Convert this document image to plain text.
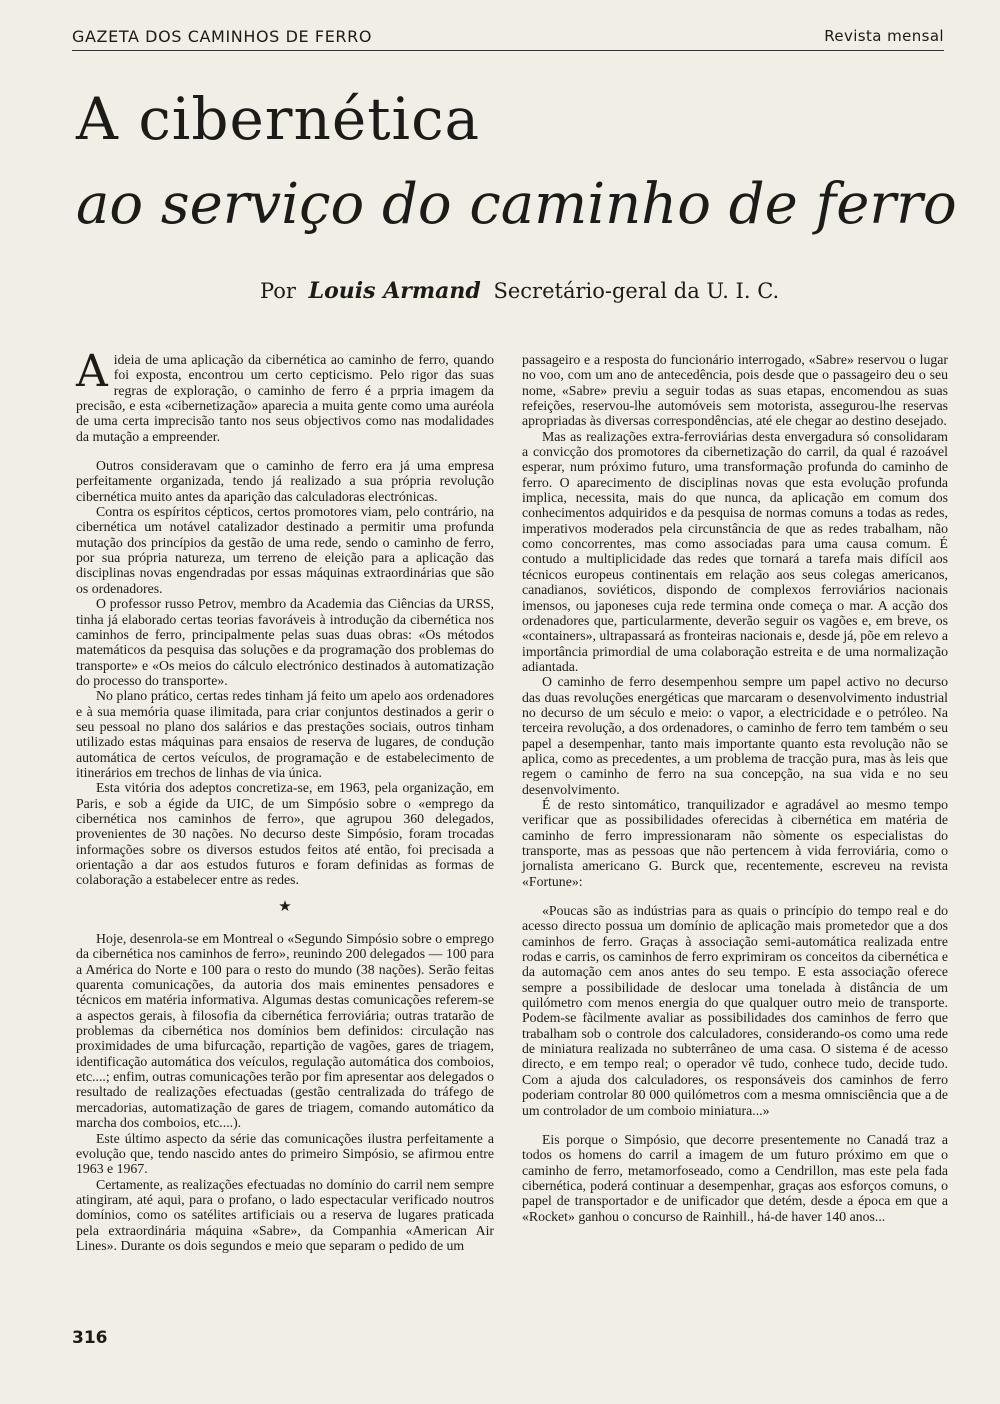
GAZETA DOS CAMINHOS DE FERRO	Revista mensal
A cibernética
ao serviço do caminho de ferro
Por Louis Armand Secretário-geral da U. I. C.

Aideia de uma aplicação da cibernética ao caminho de ferro, quando foi exposta, encontrou um certo cepticismo. Pelo rigor das suas regras de exploração, o caminho de ferro é a prpria imagem da precisão, e esta «cibernetização» aparecia a muita gente como uma auréola de uma certa imprecisão tanto nos seus objectivos como nas modalidades da mutação a empreender.

Outros consideravam que o caminho de ferro era já uma empresa perfeitamente organizada, tendo já realizado a sua própria revolução cibernética muito antes da aparição das calculadoras electrónicas.

Contra os espíritos cépticos, certos promotores viam, pelo contrário, na cibernética um notável catalizador destinado a permitir uma profunda mutação dos princípios da gestão de uma rede, sendo o caminho de ferro, por sua própria natureza, um terreno de eleição para a aplicação das disciplinas novas engendradas por essas máquinas extraordinárias que são os ordenadores.

O professor russo Petrov, membro da Academia das Ciências da URSS, tinha já elaborado certas teorias favoráveis à introdução da cibernética nos caminhos de ferro, principalmente pelas suas duas obras: «Os métodos matemáticos da pesquisa das soluções e da programação dos problemas do transporte» e «Os meios do cálculo electrónico destinados à automatização do processo do transporte».

No plano prático, certas redes tinham já feito um apelo aos ordenadores e à sua memória quase ilimitada, para criar conjuntos destinados a gerir o seu pessoal no plano dos salários e das prestações sociais, outros tinham utilizado estas máquinas para ensaios de reserva de lugares, de condução automática de certos veículos, de programação e de estabelecimento de itinerários em trechos de linhas de via única.

Esta vitória dos adeptos concretiza-se, em 1963, pela organização, em Paris, e sob a égide da UIC, de um Simpósio sobre o «emprego da cibernética nos caminhos de ferro», que agrupou 360 delegados, provenientes de 30 nações. No decurso deste Simpósio, foram trocadas informações sobre os diversos estudos feitos até então, foi precisada a orientação a dar aos estudos futuros e foram definidas as formas de colaboração a estabelecer entre as redes.

★

Hoje, desenrola-se em Montreal o «Segundo Simpósio sobre o emprego da cibernética nos caminhos de ferro», reunindo 200 delegados — 100 para a América do Norte e 100 para o resto do mundo (38 nações). Serão feitas quarenta comunicações, da autoria dos mais eminentes pensadores e técnicos em matéria informativa. Algumas destas comunicações referem-se a aspectos gerais, à filosofia da cibernética ferroviária; outras tratarão de problemas da cibernética nos domínios bem definidos: circulação nas proximidades de uma bifurcação, repartição de vagões, gares de triagem, identificação automática dos veículos, regulação automática dos comboios, etc....; enfim, outras comunicações terão por fim apresentar aos delegados o resultado de realizações efectuadas (gestão centralizada do tráfego de mercadorias, automatização de gares de triagem, comando automático da marcha dos comboios, etc....).

Este último aspecto da série das comunicações ilustra perfeitamente a evolução que, tendo nascido antes do primeiro Simpósio, se afirmou entre 1963 e 1967.

Certamente, as realizações efectuadas no domínio do carril nem sempre atingiram, até aqui, para o profano, o lado espectacular verificado noutros domínios, como os satélites artificiais ou a reserva de lugares praticada pela extraordinária máquina «Sabre», da Companhia «American Air Lines». Durante os dois segundos e meio que separam o pedido de um

passageiro e a resposta do funcionário interrogado, «Sabre» reservou o lugar no voo, com um ano de antecedência, pois desde que o passageiro deu o seu nome, «Sabre» previu a seguir todas as suas etapas, encomendou as suas refeições, reservou-lhe automóveis sem motorista, assegurou-lhe reservas apropriadas às diversas correspondências, até ele chegar ao destino desejado.

Mas as realizações extra-ferroviárias desta envergadura só consolidaram a convicção dos promotores da cibernetização do carril, da qual é razoável esperar, num próximo futuro, uma transformação profunda do caminho de ferro. O aparecimento de disciplinas novas que esta evolução profunda implica, necessita, mais do que nunca, da aplicação em comum dos conhecimentos adquiridos e da pesquisa de normas comuns a todas as redes, imperativos moderados pela circunstância de que as redes trabalham, não como concorrentes, mas como associadas para uma causa comum. É contudo a multiplicidade das redes que tornará a tarefa mais difícil aos técnicos europeus continentais em relação aos seus colegas americanos, canadianos, soviéticos, dispondo de complexos ferroviários nacionais imensos, ou japoneses cuja rede termina onde começa o mar. A acção dos ordenadores que, particularmente, deverão seguir os vagões e, em breve, os «containers», ultrapassará as fronteiras nacionais e, desde já, põe em relevo a importância primordial de uma colaboração estreita e de uma normalização adiantada.

O caminho de ferro desempenhou sempre um papel activo no decurso das duas revoluções energéticas que marcaram o desenvolvimento industrial no decurso de um século e meio: o vapor, a electricidade e o petróleo. Na terceira revolução, a dos ordenadores, o caminho de ferro tem também o seu papel a desempenhar, tanto mais importante quanto esta revolução não se aplica, como as precedentes, a um problema de tracção pura, mas às leis que regem o caminho de ferro na sua concepção, na sua vida e no seu desenvolvimento.

É de resto sintomático, tranquilizador e agradável ao mesmo tempo verificar que as possibilidades oferecidas à cibernética em matéria de caminho de ferro impressionaram não sòmente os especialistas do transporte, mas as pessoas que não pertencem à vida ferroviária, como o jornalista americano G. Burck que, recentemente, escreveu na revista «Fortune»:

«Poucas são as indústrias para as quais o princípio do tempo real e do acesso directo possua um domínio de aplicação mais prometedor que a dos caminhos de ferro. Graças à associação semi-automática realizada entre rodas e carris, os caminhos de ferro exprimiram os conceitos da cibernética e da automação cem anos antes do seu tempo. E esta associação oferece sempre a possibilidade de deslocar uma tonelada à distância de um quilómetro com menos energia do que qualquer outro meio de transporte. Podem-se fàcilmente avaliar as possibilidades dos caminhos de ferro que trabalham sob o controle dos calculadores, considerando-os como uma rede de miniatura realizada no subterrâneo de uma casa. O sistema é de acesso directo, e em tempo real; o operador vê tudo, conhece tudo, decide tudo. Com a ajuda dos calculadores, os responsáveis dos caminhos de ferro poderiam controlar 80 000 quilómetros com a mesma omnisciência que a de um controlador de um comboio miniatura...»

Eis porque o Simpósio, que decorre presentemente no Canadá traz a todos os homens do carril a imagem de um futuro próximo em que o caminho de ferro, metamorfoseado, como a Cendrillon, mas este pela fada cibernética, poderá continuar a desempenhar, graças aos esforços comuns, o papel de transportador e de unificador que detém, desde a época em que a «Rocket» ganhou o concurso de Rainhill., há-de haver 140 anos...

316
